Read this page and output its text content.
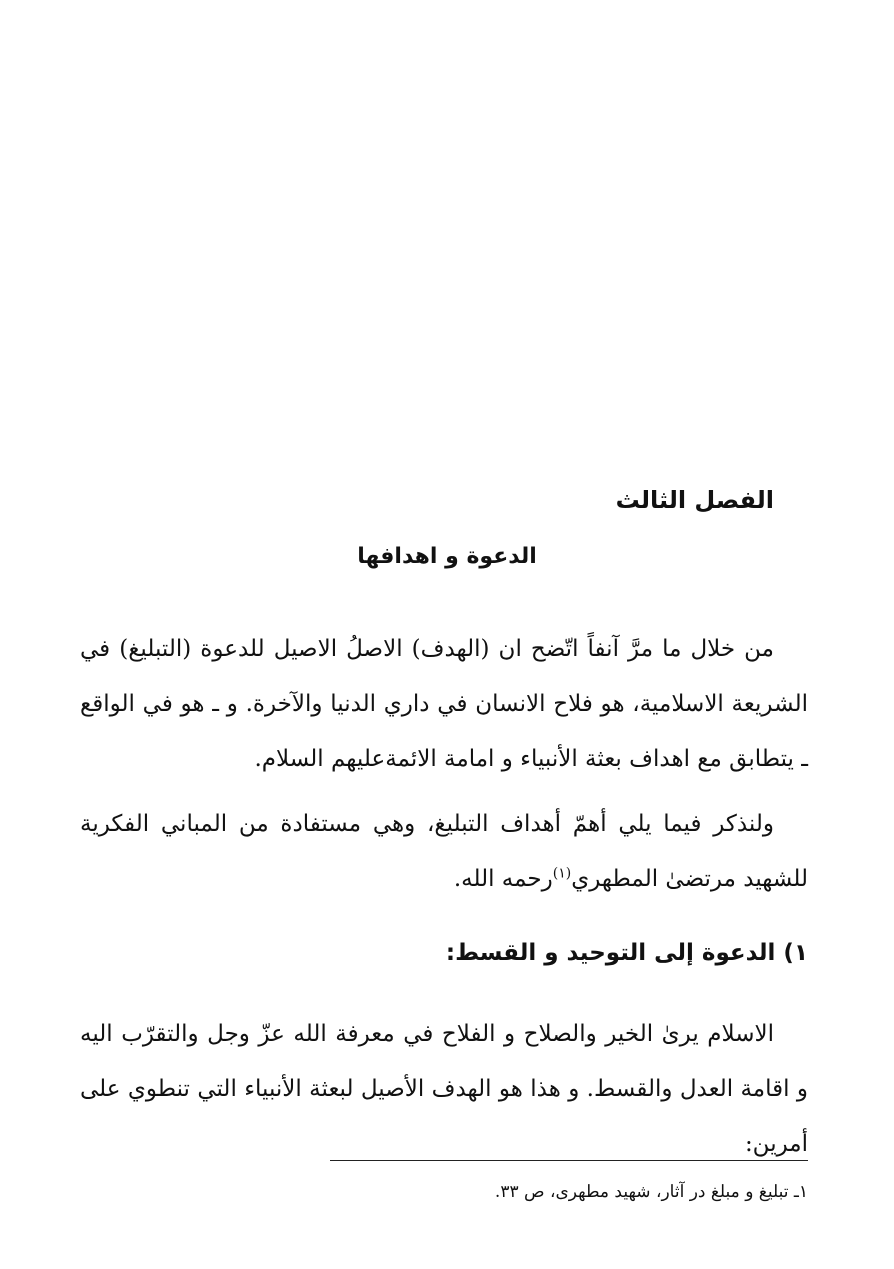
الفصل الثالث
الدعوة و اهدافها

من خلال ما مرَّ آنفاً اتّضح ان (الهدف) الاصلُ الاصيل للدعوة (التبليغ) في الشريعة الاسلامية، هو فلاح الانسان في داري الدنيا والآخرة. و ـ هو في الواقع ـ يتطابق مع اهداف بعثة الأنبياء و امامة الائمةعليهم السلام.

ولنذكر فيما يلي أهمّ أهداف التبليغ، وهي مستفادة من المباني الفكرية للشهيد مرتضىٰ المطهري$^{(١)}$رحمه الله.

١) الدعوة إلى التوحيد و القسط:

الاسلام يرىٰ الخير والصلاح و الفلاح في معرفة الله عزّ وجل والتقرّب اليه و اقامة العدل والقسط. و هذا هو الهدف الأصيل لبعثة الأنبياء التي تنطوي على أمرين:

١ـ تبليغ و مبلغ در آثار، شهيد مطهرى، ص ٣٣.
